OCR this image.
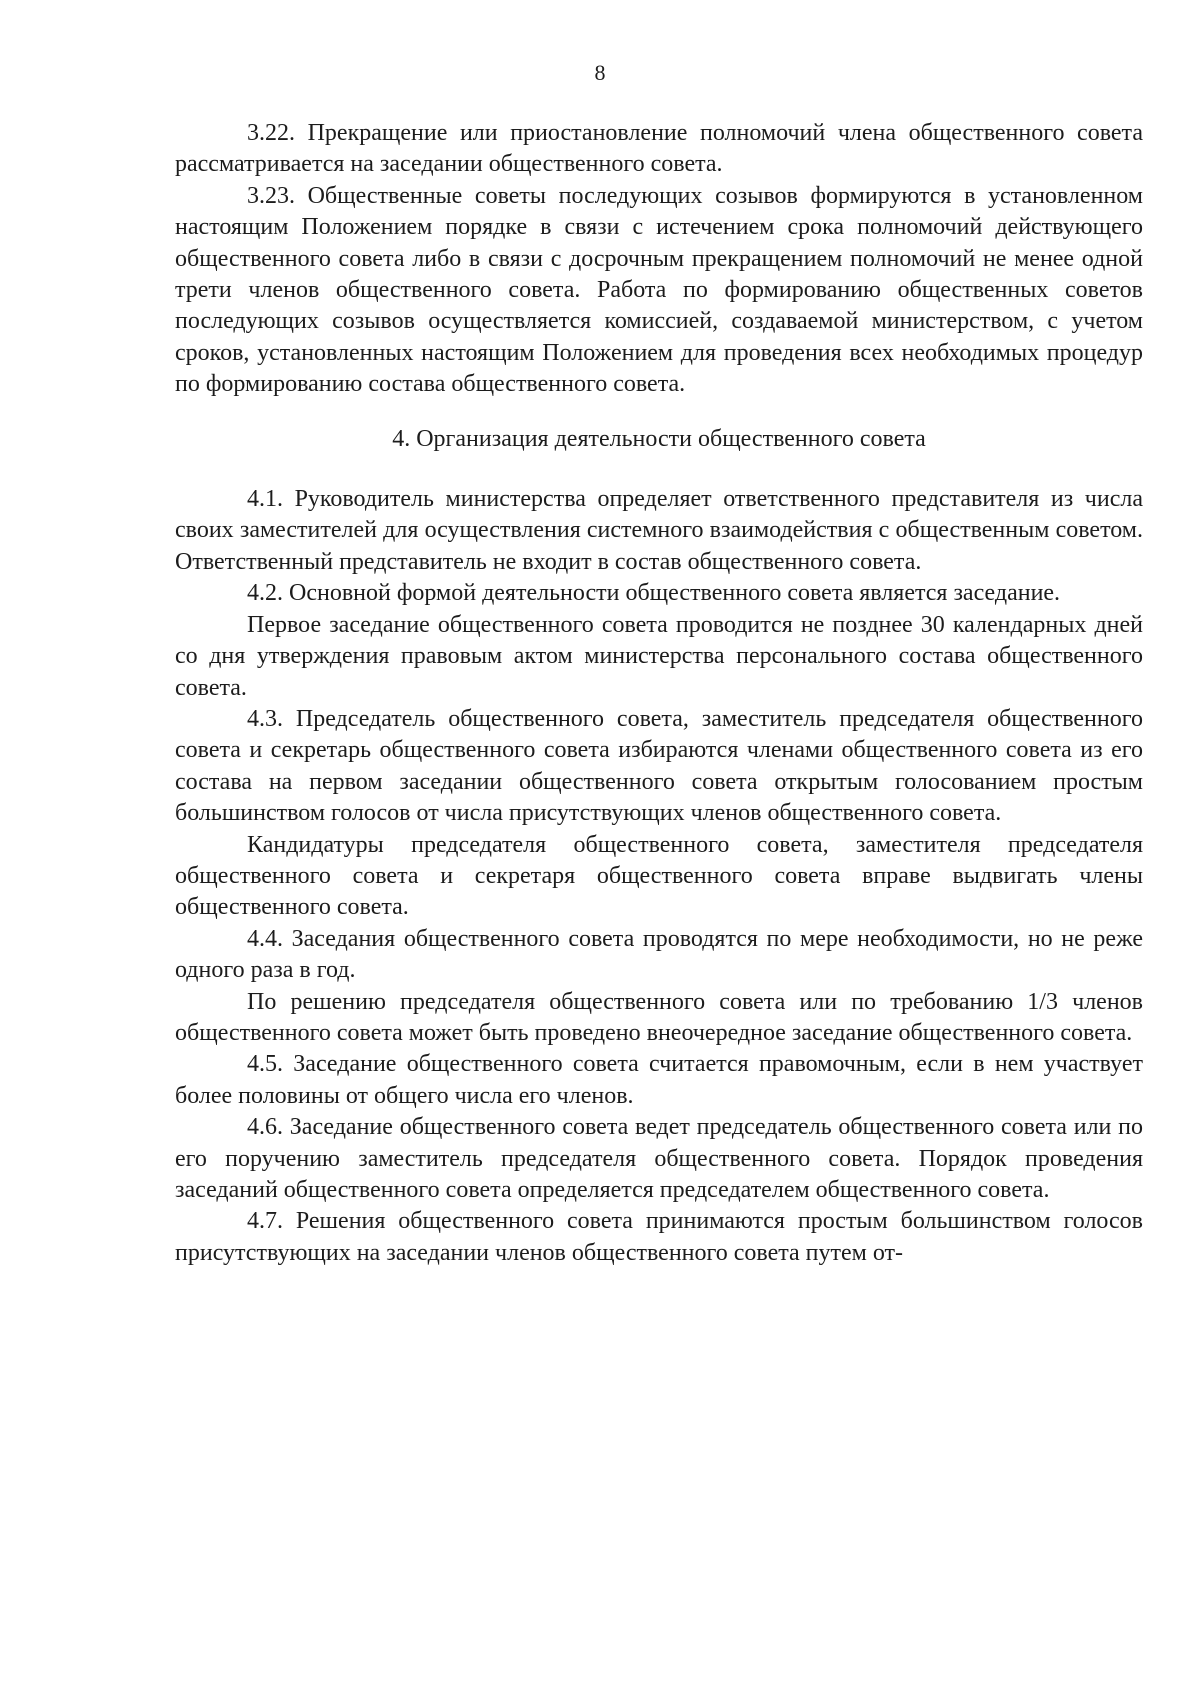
8

3.22. Прекращение или приостановление полномочий члена общественного совета рассматривается на заседании общественного совета.

3.23. Общественные советы последующих созывов формируются в установленном настоящим Положением порядке в связи с истечением срока полномочий действующего общественного совета либо в связи с досрочным прекращением полномочий не менее одной трети членов общественного совета. Работа по формированию общественных советов последующих созывов осуществляется комиссией, создаваемой министерством, с учетом сроков, установленных настоящим Положением для проведения всех необходимых процедур по формированию состава общественного совета.

4. Организация деятельности общественного совета

4.1. Руководитель министерства определяет ответственного представителя из числа своих заместителей для осуществления системного взаимодействия с общественным советом. Ответственный представитель не входит в состав общественного совета.

4.2. Основной формой деятельности общественного совета является заседание.

Первое заседание общественного совета проводится не позднее 30 календарных дней со дня утверждения правовым актом министерства персонального состава общественного совета.

4.3. Председатель общественного совета, заместитель председателя общественного совета и секретарь общественного совета избираются членами общественного совета из его состава на первом заседании общественного совета открытым голосованием простым большинством голосов от числа присутствующих членов общественного совета.

Кандидатуры председателя общественного совета, заместителя председателя общественного совета и секретаря общественного совета вправе выдвигать члены общественного совета.

4.4. Заседания общественного совета проводятся по мере необходимости, но не реже одного раза в год.

По решению председателя общественного совета или по требованию 1/3 членов общественного совета может быть проведено внеочередное заседание общественного совета.

4.5. Заседание общественного совета считается правомочным, если в нем участвует более половины от общего числа его членов.

4.6. Заседание общественного совета ведет председатель общественного совета или по его поручению заместитель председателя общественного совета. Порядок проведения заседаний общественного совета определяется председателем общественного совета.

4.7. Решения общественного совета принимаются простым большинством голосов присутствующих на заседании членов общественного совета путем от-
